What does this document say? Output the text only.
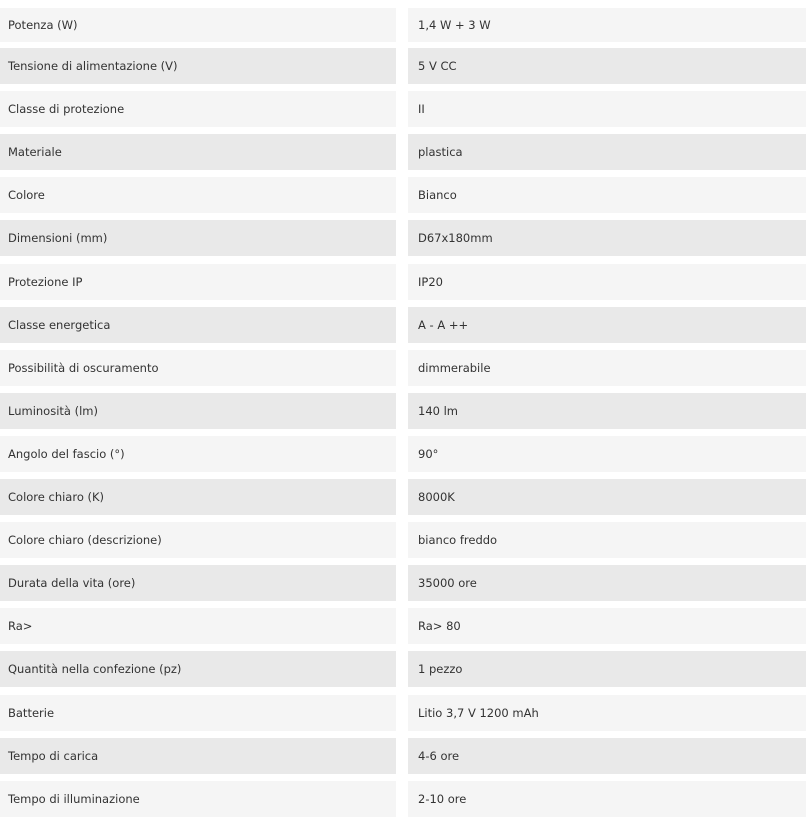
Potenza (W)	1,4 W + 3 W
Tensione di alimentazione (V)	5 V CC
Classe di protezione	II
Materiale	plastica
Colore	Bianco
Dimensioni (mm)	D67x180mm
Protezione IP	IP20
Classe energetica	A - A ++
Possibilità di oscuramento	dimmerabile
Luminosità (lm)	140 lm
Angolo del fascio (°)	90°
Colore chiaro (K)	8000K
Colore chiaro (descrizione)	bianco freddo
Durata della vita (ore)	35000 ore
Ra>	Ra> 80
Quantità nella confezione (pz)	1 pezzo
Batterie	Litio 3,7 V 1200 mAh
Tempo di carica	4-6 ore
Tempo di illuminazione	2-10 ore
